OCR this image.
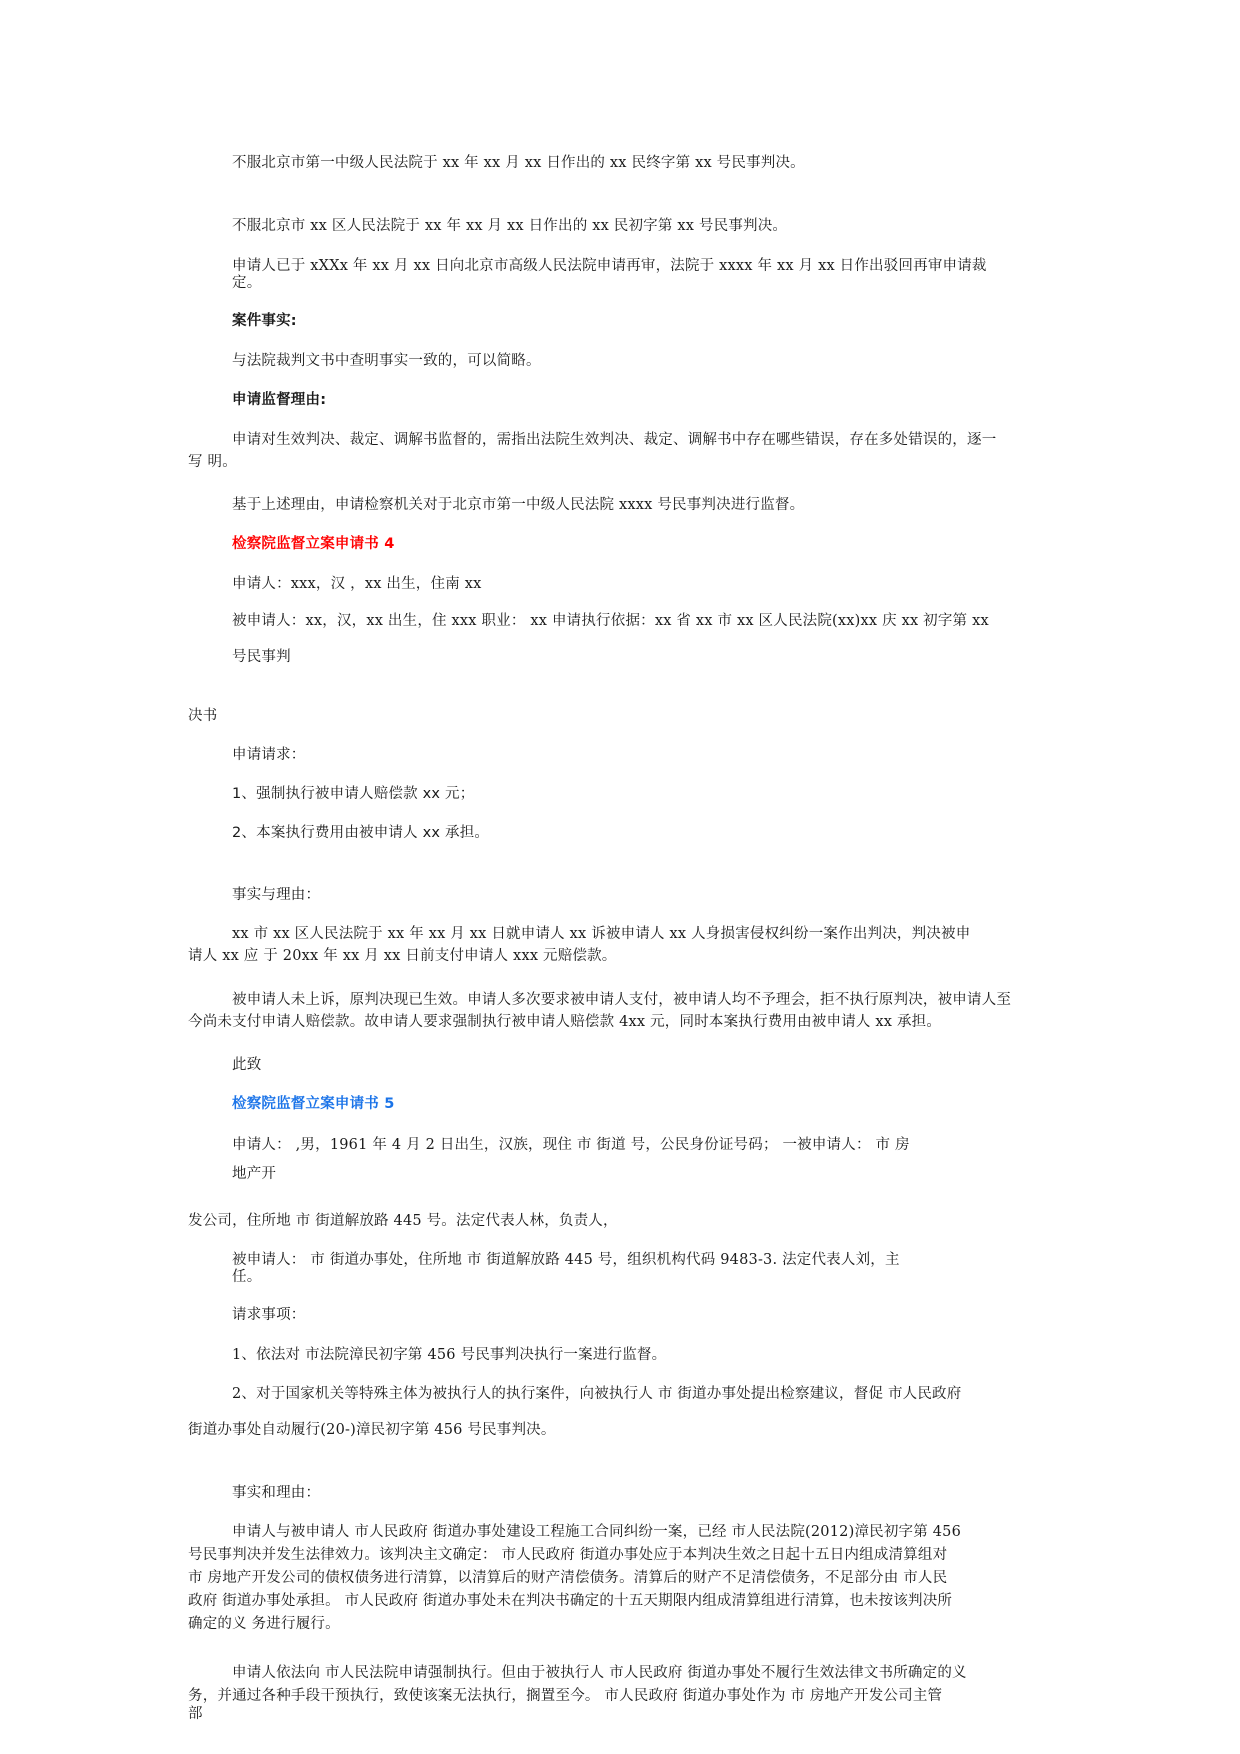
不服北京市第一中级人民法院于 xx 年 xx 月 xx 日作出的 xx 民终字第 xx 号民事判决。
不服北京市 xx 区人民法院于 xx 年 xx 月 xx 日作出的 xx 民初字第 xx 号民事判决。
申请人已于 xXXx 年 xx 月 xx 日向北京市高级人民法院申请再审，法院于 xxxx 年 xx 月 xx 日作出驳回再审申请裁
定。
案件事实:
与法院裁判文书中查明事实一致的，可以简略。
申请监督理由:
申请对生效判决、裁定、调解书监督的，需指出法院生效判决、裁定、调解书中存在哪些错误，存在多处错误的，逐一
写 明。
基于上述理由，申请检察机关对于北京市第一中级人民法院 xxxx 号民事判决进行监督。
检察院监督立案申请书 4
申请人：xxx，汉 ，xx 出生，住南 xx
被申请人：xx，汉，xx 出生，住 xxx 职业： xx 申请执行依据：xx 省 xx 市 xx 区人民法院(xx)xx 庆 xx 初字第 xx
号民事判
决书
申请请求：
1、强制执行被申请人赔偿款 xx 元；
2、本案执行费用由被申请人 xx 承担。
事实与理由：
xx 市 xx 区人民法院于 xx 年 xx 月 xx 日就申请人 xx 诉被申请人 xx 人身损害侵权纠纷一案作出判决，判决被申
请人 xx 应 于 20xx 年 xx 月 xx 日前支付申请人 xxx 元赔偿款。
被申请人未上诉，原判决现已生效。申请人多次要求被申请人支付，被申请人均不予理会，拒不执行原判决，被申请人至
今尚未支付申请人赔偿款。故申请人要求强制执行被申请人赔偿款 4xx 元，同时本案执行费用由被申请人 xx 承担。
此致
检察院监督立案申请书 5
申请人： ,男，1961 年 4 月 2 日出生，汉族，现住 市 街道 号，公民身份证号码； 一被申请人： 市 房
地产开
发公司，住所地 市 街道解放路 445 号。法定代表人林，负责人，
被申请人： 市 街道办事处，住所地 市 街道解放路 445 号，组织机构代码 9483-3. 法定代表人刘，主
任。
请求事项：
1、依法对 市法院漳民初字第 456 号民事判决执行一案进行监督。
2、对于国家机关等特殊主体为被执行人的执行案件，向被执行人 市 街道办事处提出检察建议，督促 市人民政府
街道办事处自动履行(20-)漳民初字第 456 号民事判决。
事实和理由：
申请人与被申请人 市人民政府 街道办事处建设工程施工合同纠纷一案，已经 市人民法院(2012)漳民初字第 456
号民事判决并发生法律效力。该判决主文确定： 市人民政府 街道办事处应于本判决生效之日起十五日内组成清算组对
市 房地产开发公司的债权债务进行清算，以清算后的财产清偿债务。清算后的财产不足清偿债务，不足部分由 市人民
政府 街道办事处承担。 市人民政府 街道办事处未在判决书确定的十五天期限内组成清算组进行清算，也未按该判决所
确定的义 务进行履行。
申请人依法向 市人民法院申请强制执行。但由于被执行人 市人民政府 街道办事处不履行生效法律文书所确定的义
务，并通过各种手段干预执行，致使该案无法执行，搁置至今。 市人民政府 街道办事处作为 市 房地产开发公司主管
部
